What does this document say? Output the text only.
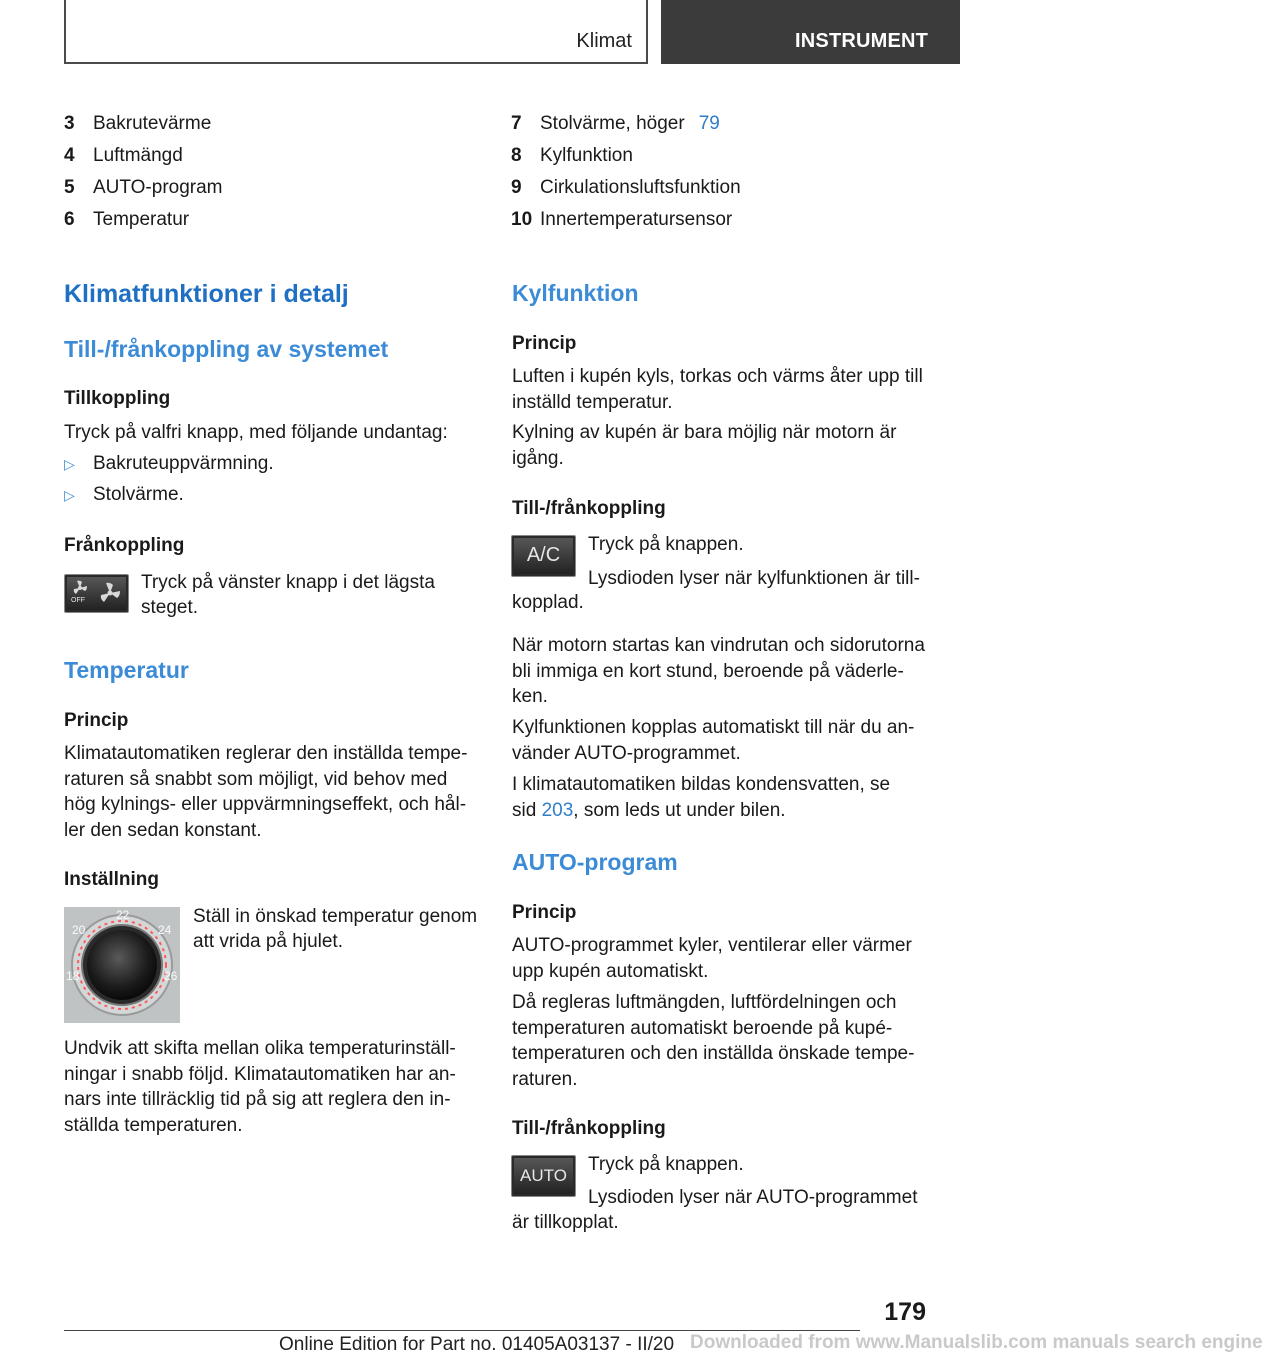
Klimat	INSTRUMENT
3 Bakrutevärme
4 Luftmängd
5 AUTO-program
6 Temperatur
Klimatfunktioner i detalj
Till-/frånkoppling av systemet
Tillkoppling
Tryck på valfri knapp, med följande undantag:
▷ Bakruteuppvärmning.
▷ Stolvärme.
Frånkoppling
OFF
Tryck på vänster knapp i det lägsta
steget.
Temperatur
Princip

Klimatautomatiken reglerar den inställda tempe-

raturen så snabbt som möjligt, vid behov med

hög kylnings- eller uppvärmningseffekt, och hål-

ler den sedan konstant.

Inställning
22
20	24
18	26
Ställ in önskad temperatur genom
att vrida på hjulet.

Undvik att skifta mellan olika temperaturinställ-

ningar i snabb följd. Klimatautomatiken har an-

nars inte tillräcklig tid på sig att reglera den in-

ställda temperaturen.

7 Stolvärme, höger 79
8 Kylfunktion
9 Cirkulationsluftsfunktion
10 Innertemperatursensor
Kylfunktion
Princip

Luften i kupén kyls, torkas och värms åter upp till

inställd temperatur.

Kylning av kupén är bara möjlig när motorn är

igång.

Till-/frånkoppling
A/C	Tryck på knappen.
Lysdioden lyser när kylfunktionen är till-
kopplad.

När motorn startas kan vindrutan och sidorutorna

bli immiga en kort stund, beroende på väderle-

ken.

Kylfunktionen kopplas automatiskt till när du an-

vänder AUTO-programmet.

I klimatautomatiken bildas kondensvatten, se

sid 203, som leds ut under bilen.

AUTO-program
Princip

AUTO-programmet kyler, ventilerar eller värmer

upp kupén automatiskt.

Då regleras luftmängden, luftfördelningen och

temperaturen automatiskt beroende på kupé-

temperaturen och den inställda önskade tempe-

raturen.

Till-/frånkoppling
AUTO
Tryck på knappen.
Lysdioden lyser när AUTO-programmet
är tillkopplat.
179
Online Edition for Part no. 01405A03137 - II/20 Downloaded from www.Manualslib.com manuals search engine
